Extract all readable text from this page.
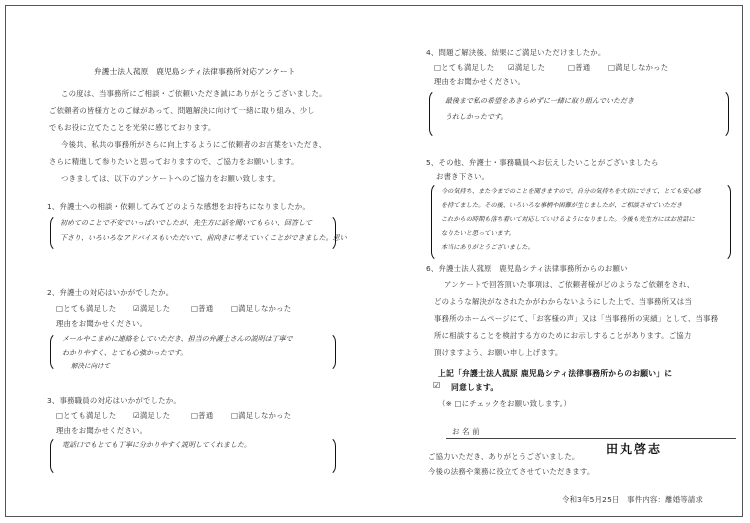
弁護士法人菰原　鹿児島シティ法律事務所対応アンケート
この度は、当事務所にご相談・ご依頼いただき誠にありがとうございました。
ご依頼者の皆様方とのご縁があって、問題解決に向けて一緒に取り組み、少し
でもお役に立てたことを光栄に感じております。
今後共、私共の事務所がさらに向上するようにご依頼者のお言葉をいただき、
さらに精進して参りたいと思っておりますので、ご協力をお願いします。
つきましては、以下のアンケートへのご協力をお願い致します。
1、弁護士への相談・依頼してみてどのような感想をお持ちになりましたか。
初めてのことで不安でいっぱいでしたが、先生方に話を聞いてもらい、回答して
下さり、いろいろなアドバイスもいただいて、前向きに考えていくことができました。思い
2、弁護士の対応はいかがでしたか。
□とても満足した ☑満足した	□普通 □満足しなかった
理由をお聞かせください。
メールやこまめに連絡をしていただき、担当の弁護士さんの説明は丁寧で
わかりやすく、とても心強かったです。
解決に向けて
3、事務職員の対応はいかがでしたか。
□とても満足した ☑満足した	□普通 □満足しなかった
理由をお聞かせください。
電話口でもとても丁寧に分かりやすく説明してくれました。
4、問題ご解決後、結果にご満足いただけましたか。
□とても満足した ☑満足した	□普通 □満足しなかった
理由をお聞かせください。
最後まで私の希望をあきらめずに一緒に取り組んでいただき
うれしかったです。
5、その他、弁護士・事務職員へお伝えしたいことがございましたら
お書き下さい。
今の気持ち、また今までのことを聞きますので、自分の気持ちを大切にできて、とても安心感
を持てました。その後、いろいろな事柄や困難が生じましたが、ご相談させていただき
これからの時期も落ち着いて対応していけるようになりました。今後も先生方にはお世話に
なりたいと思っています。
本当にありがとうございました。
6、弁護士法人菰原　鹿児島シティ法律事務所からのお願い
アンケートで回答頂いた事項は、ご依頼者様がどのようなご依頼をされ、
どのような解決がなされたかがわからないようにした上で、当事務所又は当
事務所のホームページにて、「お客様の声」又は「当事務所の実績」として、当事務
所に相談することを検討する方のためにお示しすることがあります。ご協力
頂けますよう、お願い申し上げます。
上記「弁護士法人菰原 鹿児島シティ法律事務所からのお願い」に
☑ 同意します。
（※ □にチェックをお願い致します。）
お 名 前
ご協力いただき、ありがとうございました。
田丸啓志
今後の法務や業務に役立てさせていただきます。
令和3年5月25日　事件内容：離婚等請求
